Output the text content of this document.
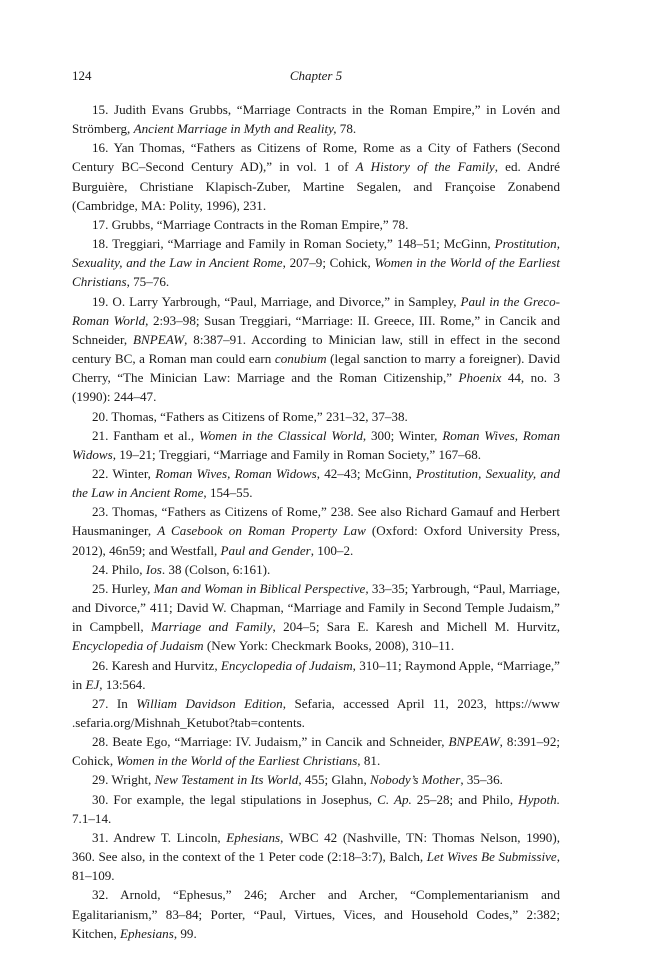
124	Chapter 5

15. Judith Evans Grubbs, “Marriage Contracts in the Roman Empire,” in Lovén and Strömberg, Ancient Marriage in Myth and Reality, 78.

16. Yan Thomas, “Fathers as Citizens of Rome, Rome as a City of Fathers (Second Century BC–Second Century AD),” in vol. 1 of A History of the Family, ed. André Burguière, Christiane Klapisch-Zuber, Martine Segalen, and Françoise Zonabend (Cambridge, MA: Polity, 1996), 231.

17. Grubbs, “Marriage Contracts in the Roman Empire,” 78.

18. Treggiari, “Marriage and Family in Roman Society,” 148–51; McGinn, Prostitution, Sexuality, and the Law in Ancient Rome, 207–9; Cohick, Women in the World of the Earliest Christians, 75–76.

19. O. Larry Yarbrough, “Paul, Marriage, and Divorce,” in Sampley, Paul in the Greco-Roman World, 2:93–98; Susan Treggiari, “Marriage: II. Greece, III. Rome,” in Cancik and Schneider, BNPEAW, 8:387–91. According to Minician law, still in effect in the second century BC, a Roman man could earn conubium (legal sanction to marry a foreigner). David Cherry, “The Minician Law: Marriage and the Roman Citizenship,” Phoenix 44, no. 3 (1990): 244–47.

20. Thomas, “Fathers as Citizens of Rome,” 231–32, 37–38.

21. Fantham et al., Women in the Classical World, 300; Winter, Roman Wives, Roman Widows, 19–21; Treggiari, “Marriage and Family in Roman Society,” 167–68.

22. Winter, Roman Wives, Roman Widows, 42–43; McGinn, Prostitution, Sexuality, and the Law in Ancient Rome, 154–55.

23. Thomas, “Fathers as Citizens of Rome,” 238. See also Richard Gamauf and Herbert Hausmaninger, A Casebook on Roman Property Law (Oxford: Oxford University Press, 2012), 46n59; and Westfall, Paul and Gender, 100–2.

24. Philo, Ios. 38 (Colson, 6:161).

25. Hurley, Man and Woman in Biblical Perspective, 33–35; Yarbrough, “Paul, Marriage, and Divorce,” 411; David W. Chapman, “Marriage and Family in Second Temple Judaism,” in Campbell, Marriage and Family, 204–5; Sara E. Karesh and Michell M. Hurvitz, Encyclopedia of Judaism (New York: Checkmark Books, 2008), 310–11.

26. Karesh and Hurvitz, Encyclopedia of Judaism, 310–11; Raymond Apple, “Marriage,” in EJ, 13:564.

27. In William Davidson Edition, Sefaria, accessed April 11, 2023, https://www .sefaria.org/Mishnah_Ketubot?tab=contents.

28. Beate Ego, “Marriage: IV. Judaism,” in Cancik and Schneider, BNPEAW, 8:391–92; Cohick, Women in the World of the Earliest Christians, 81.

29. Wright, New Testament in Its World, 455; Glahn, Nobody’s Mother, 35–36.

30. For example, the legal stipulations in Josephus, C. Ap. 25–28; and Philo, Hypoth. 7.1–14.

31. Andrew T. Lincoln, Ephesians, WBC 42 (Nashville, TN: Thomas Nelson, 1990), 360. See also, in the context of the 1 Peter code (2:18–3:7), Balch, Let Wives Be Submissive, 81–109.

32. Arnold, “Ephesus,” 246; Archer and Archer, “Complementarianism and Egalitarianism,” 83–84; Porter, “Paul, Virtues, Vices, and Household Codes,” 2:382; Kitchen, Ephesians, 99.
